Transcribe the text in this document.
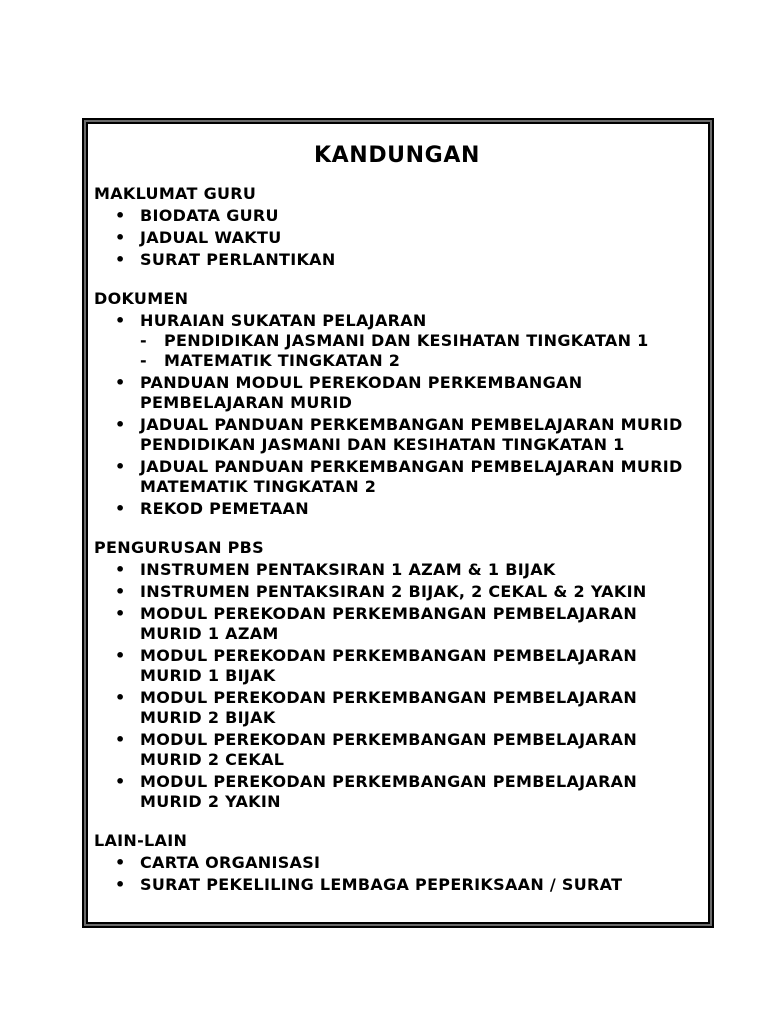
KANDUNGAN
MAKLUMAT GURU
• BIODATA GURU
• JADUAL WAKTU
• SURAT PERLANTIKAN
DOKUMEN
• HURAIAN SUKATAN PELAJARAN
- PENDIDIKAN JASMANI DAN KESIHATAN TINGKATAN 1
- MATEMATIK TINGKATAN 2
• PANDUAN MODUL PEREKODAN PERKEMBANGAN PEMBELAJARAN MURID
• JADUAL PANDUAN PERKEMBANGAN PEMBELAJARAN MURID PENDIDIKAN JASMANI DAN KESIHATAN TINGKATAN 1
• JADUAL PANDUAN PERKEMBANGAN PEMBELAJARAN MURID MATEMATIK TINGKATAN 2
• REKOD PEMETAAN
PENGURUSAN PBS
• INSTRUMEN PENTAKSIRAN 1 AZAM & 1 BIJAK
• INSTRUMEN PENTAKSIRAN 2 BIJAK, 2 CEKAL & 2 YAKIN
• MODUL PEREKODAN PERKEMBANGAN PEMBELAJARAN MURID 1 AZAM
• MODUL PEREKODAN PERKEMBANGAN PEMBELAJARAN MURID 1 BIJAK
• MODUL PEREKODAN PERKEMBANGAN PEMBELAJARAN MURID 2 BIJAK
• MODUL PEREKODAN PERKEMBANGAN PEMBELAJARAN MURID 2 CEKAL
• MODUL PEREKODAN PERKEMBANGAN PEMBELAJARAN MURID 2 YAKIN
LAIN-LAIN
• CARTA ORGANISASI
• SURAT PEKELILING LEMBAGA PEPERIKSAAN / SURAT
